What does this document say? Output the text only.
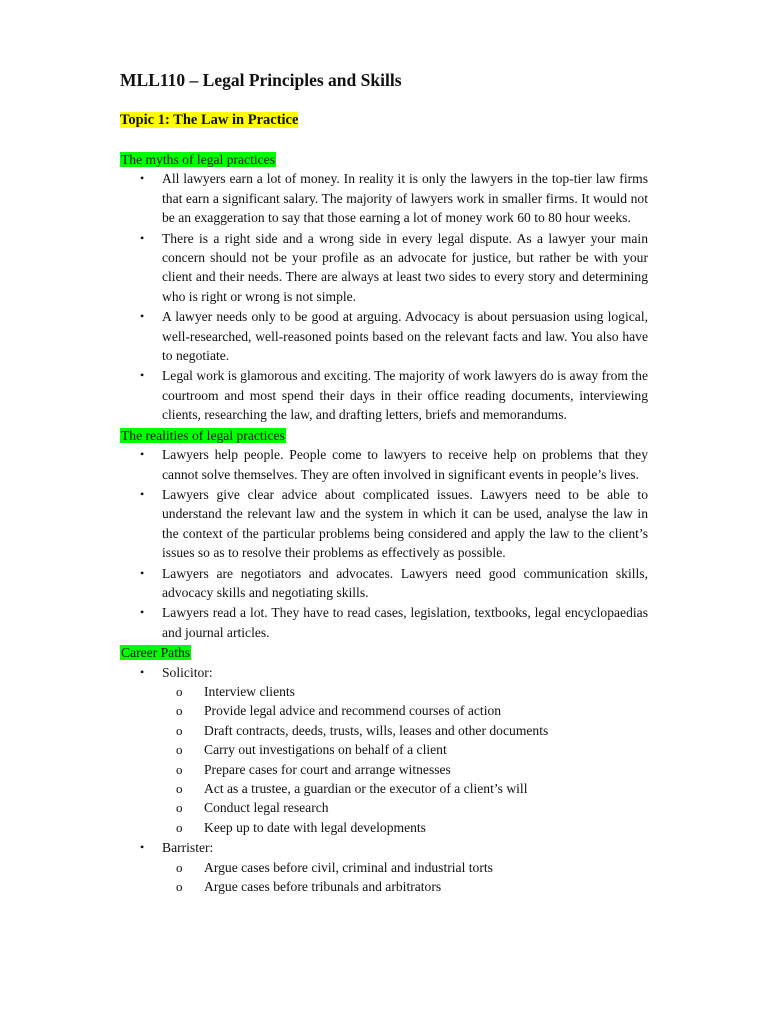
MLL110 – Legal Principles and Skills
Topic 1: The Law in Practice
The myths of legal practices
• All lawyers earn a lot of money. In reality it is only the lawyers in the top-tier law firms that earn a significant salary. The majority of lawyers work in smaller firms. It would not be an exaggeration to say that those earning a lot of money work 60 to 80 hour weeks.
• There is a right side and a wrong side in every legal dispute. As a lawyer your main concern should not be your profile as an advocate for justice, but rather be with your client and their needs. There are always at least two sides to every story and determining who is right or wrong is not simple.
• A lawyer needs only to be good at arguing. Advocacy is about persuasion using logical, well-researched, well-reasoned points based on the relevant facts and law. You also have to negotiate.
• Legal work is glamorous and exciting. The majority of work lawyers do is away from the courtroom and most spend their days in their office reading documents, interviewing clients, researching the law, and drafting letters, briefs and memorandums.
The realities of legal practices
• Lawyers help people. People come to lawyers to receive help on problems that they cannot solve themselves. They are often involved in significant events in people’s lives.
• Lawyers give clear advice about complicated issues. Lawyers need to be able to understand the relevant law and the system in which it can be used, analyse the law in the context of the particular problems being considered and apply the law to the client’s issues so as to resolve their problems as effectively as possible.
• Lawyers are negotiators and advocates. Lawyers need good communication skills, advocacy skills and negotiating skills.
• Lawyers read a lot. They have to read cases, legislation, textbooks, legal encyclopaedias and journal articles.
Career Paths
• Solicitor:
o Interview clients
o Provide legal advice and recommend courses of action
o Draft contracts, deeds, trusts, wills, leases and other documents
o Carry out investigations on behalf of a client
o Prepare cases for court and arrange witnesses
o Act as a trustee, a guardian or the executor of a client’s will
o Conduct legal research
o Keep up to date with legal developments
• Barrister:
o Argue cases before civil, criminal and industrial torts
o Argue cases before tribunals and arbitrators
